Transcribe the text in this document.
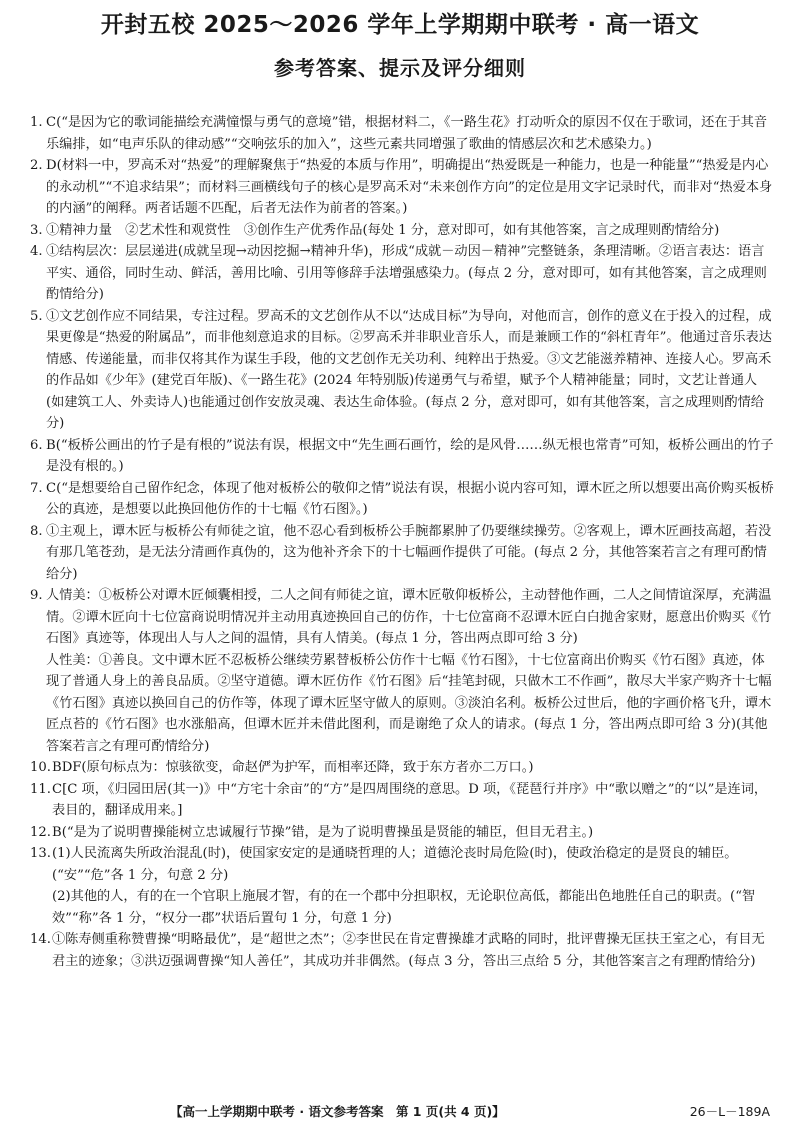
开封五校 2025～2026 学年上学期期中联考 · 高一语文
参考答案、提示及评分细则
1. C(“是因为它的歌词能描绘充满憧憬与勇气的意境”错，根据材料二，《一路生花》打动听众的原因不仅在于歌词，还在于其音乐编排，如“电声乐队的律动感”“交响弦乐的加入”，这些元素共同增强了歌曲的情感层次和艺术感染力。)
2. D(材料一中，罗高禾对“热爱”的理解聚焦于“热爱的本质与作用”，明确提出“热爱既是一种能力，也是一种能量”“热爱是内心的永动机”“不追求结果”；而材料三画横线句子的核心是罗高禾对“未来创作方向”的定位是用文字记录时代，而非对“热爱本身的内涵”的阐释。两者话题不匹配，后者无法作为前者的答案。)
3. ①精神力量　②艺术性和观赏性　③创作生产优秀作品(每处 1 分，意对即可，如有其他答案，言之成理则酌情给分)
4. ①结构层次：层层递进(成就呈现→动因挖掘→精神升华)，形成“成就－动因－精神”完整链条，条理清晰。②语言表达：语言平实、通俗，同时生动、鲜活，善用比喻、引用等修辞手法增强感染力。(每点 2 分，意对即可，如有其他答案，言之成理则酌情给分)
5. ①文艺创作应不同结果，专注过程。罗高禾的文艺创作从不以“达成目标”为导向，对他而言，创作的意义在于投入的过程，成果更像是“热爱的附属品”，而非他刻意追求的目标。②罗高禾并非职业音乐人，而是兼顾工作的“斜杠青年”。他通过音乐表达情感、传递能量，而非仅将其作为谋生手段，他的文艺创作无关功利、纯粹出于热爱。③文艺能滋养精神、连接人心。罗高禾的作品如《少年》(建党百年版)、《一路生花》(2024 年特别版)传递勇气与希望，赋予个人精神能量；同时，文艺让普通人(如建筑工人、外卖诗人)也能通过创作安放灵魂、表达生命体验。(每点 2 分，意对即可，如有其他答案，言之成理则酌情给分)
6. B(“板桥公画出的竹子是有根的”说法有误，根据文中“先生画石画竹，绘的是风骨……纵无根也常青”可知，板桥公画出的竹子是没有根的。)
7. C(“是想要给自己留作纪念，体现了他对板桥公的敬仰之情”说法有误，根据小说内容可知，谭木匠之所以想要出高价购买板桥公的真迹，是想要以此换回他仿作的十七幅《竹石图》。)
8. ①主观上，谭木匠与板桥公有师徒之谊，他不忍心看到板桥公手腕都累肿了仍要继续操劳。②客观上，谭木匠画技高超，若没有那几笔苍劲，是无法分清画作真伪的，这为他补齐余下的十七幅画作提供了可能。(每点 2 分，其他答案若言之有理可酌情给分)
9. 人情美：①板桥公对谭木匠倾囊相授，二人之间有师徒之谊，谭木匠敬仰板桥公，主动替他作画，二人之间情谊深厚，充满温情。②谭木匠向十七位富商说明情况并主动用真迹换回自己的仿作，十七位富商不忍谭木匠白白抛舍家财，愿意出价购买《竹石图》真迹等，体现出人与人之间的温情，具有人情美。(每点 1 分，答出两点即可给 3 分)
人性美：①善良。文中谭木匠不忍板桥公继续劳累替板桥公仿作十七幅《竹石图》，十七位富商出价购买《竹石图》真迹，体现了普通人身上的善良品质。②坚守道德。谭木匠仿作《竹石图》后“挂笔封砚，只做木工不作画”，散尽大半家产购齐十七幅《竹石图》真迹以换回自己的仿作等，体现了谭木匠坚守做人的原则。③淡泊名利。板桥公过世后，他的字画价格飞升，谭木匠点苔的《竹石图》也水涨船高，但谭木匠并未借此图利，而是谢绝了众人的请求。(每点 1 分，答出两点即可给 3 分)(其他答案若言之有理可酌情给分)
10. BDF(原句标点为：惊骇欲变，命赵俨为护军，而相率还降，致于东方者亦二万口。)
11. C[C 项，《归园田居(其一)》中“方宅十余亩”的“方”是四周围绕的意思。D 项，《琵琶行并序》中“歌以赠之”的“以”是连词，表目的，翻译成用来。]
12. B(“是为了说明曹操能树立忠诚履行节操”错，是为了说明曹操虽是贤能的辅臣，但目无君主。)
13. (1)人民流离失所政治混乱(时)，使国家安定的是通晓哲理的人；道德沦丧时局危险(时)，使政治稳定的是贤良的辅臣。(“安”“危”各 1 分，句意 2 分)
(2)其他的人，有的在一个官职上施展才智，有的在一个郡中分担职权，无论职位高低，都能出色地胜任自己的职责。(“智效”“称”各 1 分，“权分一郡”状语后置句 1 分，句意 1 分)
14. ①陈寿侧重称赞曹操“明略最优”，是“超世之杰”；②李世民在肯定曹操雄才武略的同时，批评曹操无匡扶王室之心，有目无君主的迹象；③洪迈强调曹操“知人善任”，其成功并非偶然。(每点 3 分，答出三点给 5 分，其他答案言之有理酌情给分)
【高一上学期期中联考 · 语文参考答案　第 1 页(共 4 页)】	26－L－189A
